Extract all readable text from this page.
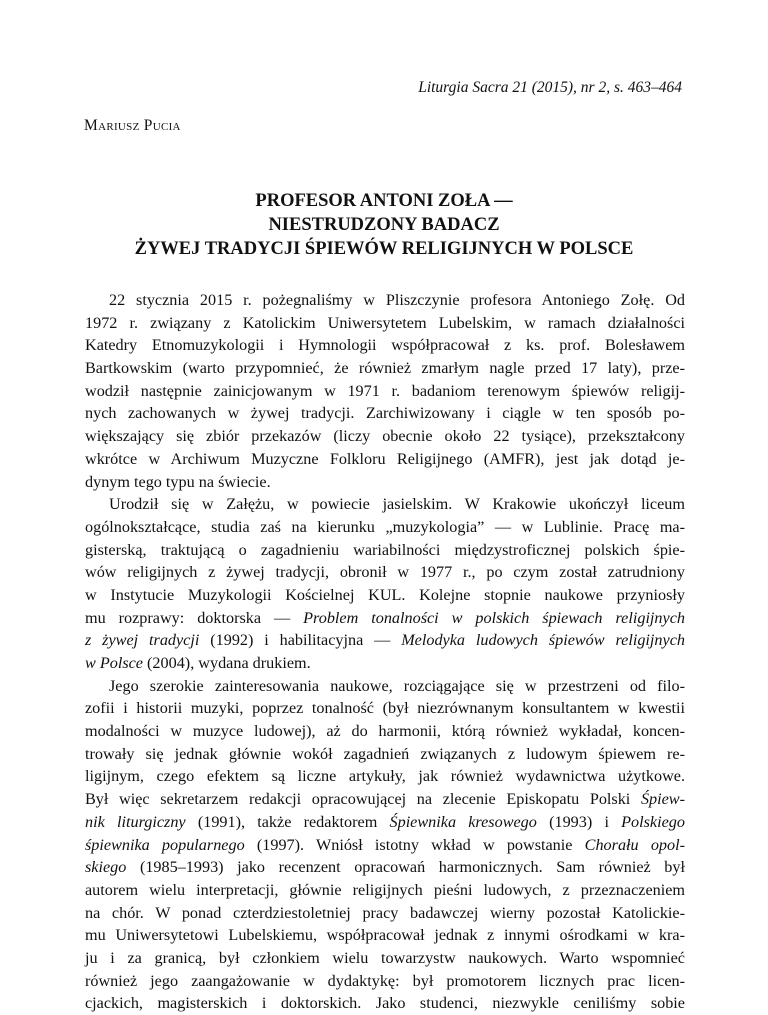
Liturgia Sacra 21 (2015), nr 2, s. 463–464
Mariusz Pucia
PROFESOR ANTONI ZOŁA —
NIESTRUDZONY BADACZ
ŻYWEJ TRADYCJI ŚPIEWÓW RELIGIJNYCH W POLSCE
22 stycznia 2015 r. pożegnaliśmy w Pliszczynie profesora Antoniego Zołę. Od
1972 r. związany z Katolickim Uniwersytetem Lubelskim, w ramach działalności
Katedry Etnomuzykologii i Hymnologii współpracował z ks. prof. Bolesławem
Bartkowskim (warto przypomnieć, że również zmarłym nagle przed 17 laty), prze-
wodził następnie zainicjowanym w 1971 r. badaniom terenowym śpiewów religij-
nych zachowanych w żywej tradycji. Zarchiwizowany i ciągle w ten sposób po-
większający się zbiór przekazów (liczy obecnie około 22 tysiące), przekształcony
wkrótce w Archiwum Muzyczne Folkloru Religijnego (AMFR), jest jak dotąd je-
dynym tego typu na świecie.
Urodził się w Załężu, w powiecie jasielskim. W Krakowie ukończył liceum
ogólnokształcące, studia zaś na kierunku „muzykologia” — w Lublinie. Pracę ma-
gisterską, traktującą o zagadnieniu wariabilności międzystroficznej polskich śpie-
wów religijnych z żywej tradycji, obronił w 1977 r., po czym został zatrudniony
w Instytucie Muzykologii Kościelnej KUL. Kolejne stopnie naukowe przyniosły
mu rozprawy: doktorska — Problem tonalności w polskich śpiewach religijnych
z żywej tradycji (1992) i habilitacyjna — Melodyka ludowych śpiewów religijnych
w Polsce (2004), wydana drukiem.
Jego szerokie zainteresowania naukowe, rozciągające się w przestrzeni od filo-
zofii i historii muzyki, poprzez tonalność (był niezrównanym konsultantem w kwestii
modalności w muzyce ludowej), aż do harmonii, którą również wykładał, koncen-
trowały się jednak głównie wokół zagadnień związanych z ludowym śpiewem re-
ligijnym, czego efektem są liczne artykuły, jak również wydawnictwa użytkowe.
Był więc sekretarzem redakcji opracowującej na zlecenie Episkopatu Polski Śpiew-
nik liturgiczny (1991), także redaktorem Śpiewnika kresowego (1993) i Polskiego
śpiewnika popularnego (1997). Wniósł istotny wkład w powstanie Chorału opol-
skiego (1985–1993) jako recenzent opracowań harmonicznych. Sam również był
autorem wielu interpretacji, głównie religijnych pieśni ludowych, z przeznaczeniem
na chór. W ponad czterdziestoletniej pracy badawczej wierny pozostał Katolickie-
mu Uniwersytetowi Lubelskiemu, współpracował jednak z innymi ośrodkami w kra-
ju i za granicą, był członkiem wielu towarzystw naukowych. Warto wspomnieć
również jego zaangażowanie w dydaktykę: był promotorem licznych prac licen-
cjackich, magisterskich i doktorskich. Jako studenci, niezwykle ceniliśmy sobie
